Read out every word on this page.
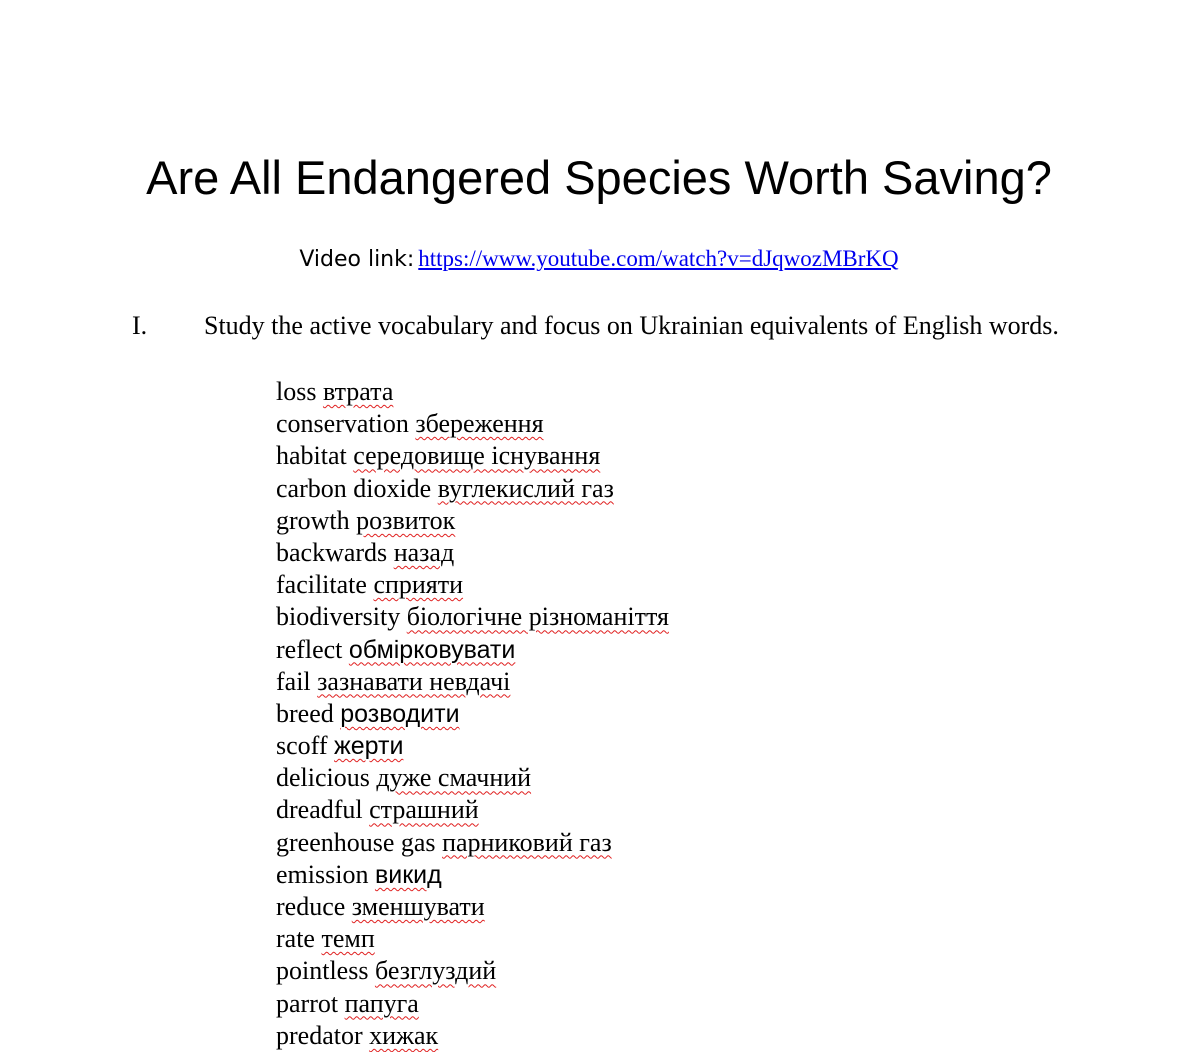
Are All Endangered Species Worth Saving?
Video link: https://www.youtube.com/watch?v=dJqwozMBrKQ
I. Study the active vocabulary and focus on Ukrainian equivalents of English words.
loss втрата
conservation збереження
habitat середовище існування
carbon dioxide вуглекислий газ
growth розвиток
backwards назад
facilitate сприяти
biodiversity біологічне різноманіття
reflect обмірковувати
fail зазнавати невдачі
breed розводити
scoff жерти
delicious дуже смачний
dreadful страшний
greenhouse gas парниковий газ
emission викид
reduce зменшувати
rate темп
pointless безглуздий
parrot папуга
predator хижак
